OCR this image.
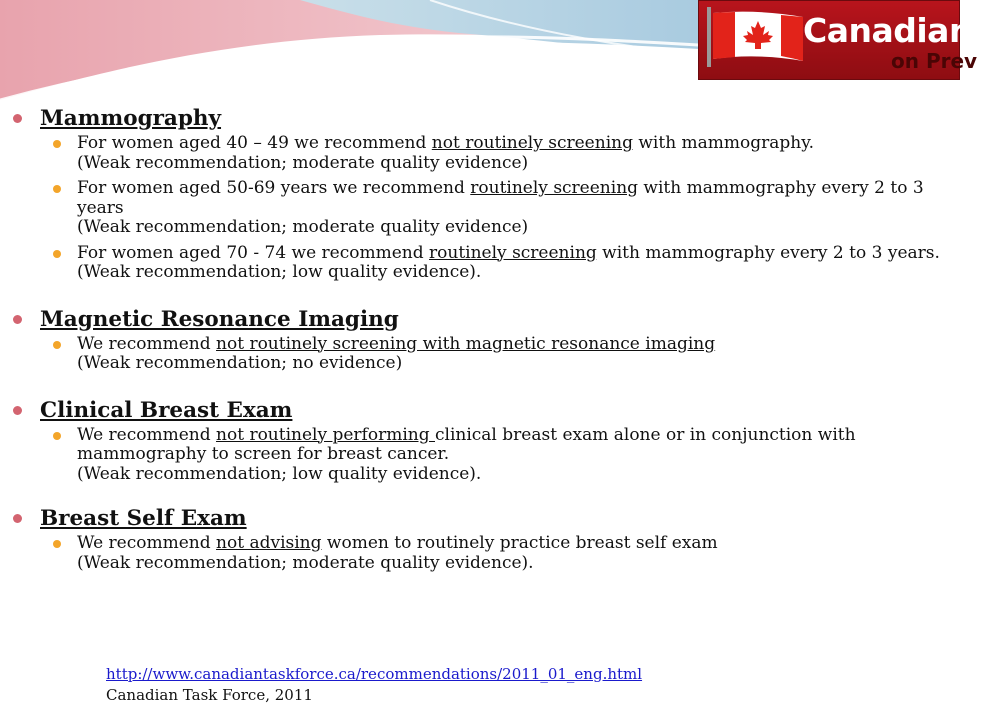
Canadian T
on Prev
Mammography
For women aged 40 – 49 we recommend not routinely screening with mammography.
(Weak recommendation; moderate quality evidence)
For women aged 50-69 years we recommend routinely screening with mammography every 2 to 3 years
(Weak recommendation; moderate quality evidence)
For women aged 70 - 74 we recommend routinely screening with mammography every 2 to 3 years.
(Weak recommendation; low quality evidence).
Magnetic Resonance Imaging
We recommend not routinely screening with magnetic resonance imaging
(Weak recommendation; no evidence)
Clinical Breast Exam
We recommend not routinely performing clinical breast exam alone or in conjunction with mammography to screen for breast cancer.
(Weak recommendation; low quality evidence).
Breast Self Exam
We recommend not advising women to routinely practice breast self exam
(Weak recommendation; moderate quality evidence).
http://www.canadiantaskforce.ca/recommendations/2011_01_eng.html
Canadian Task Force, 2011
